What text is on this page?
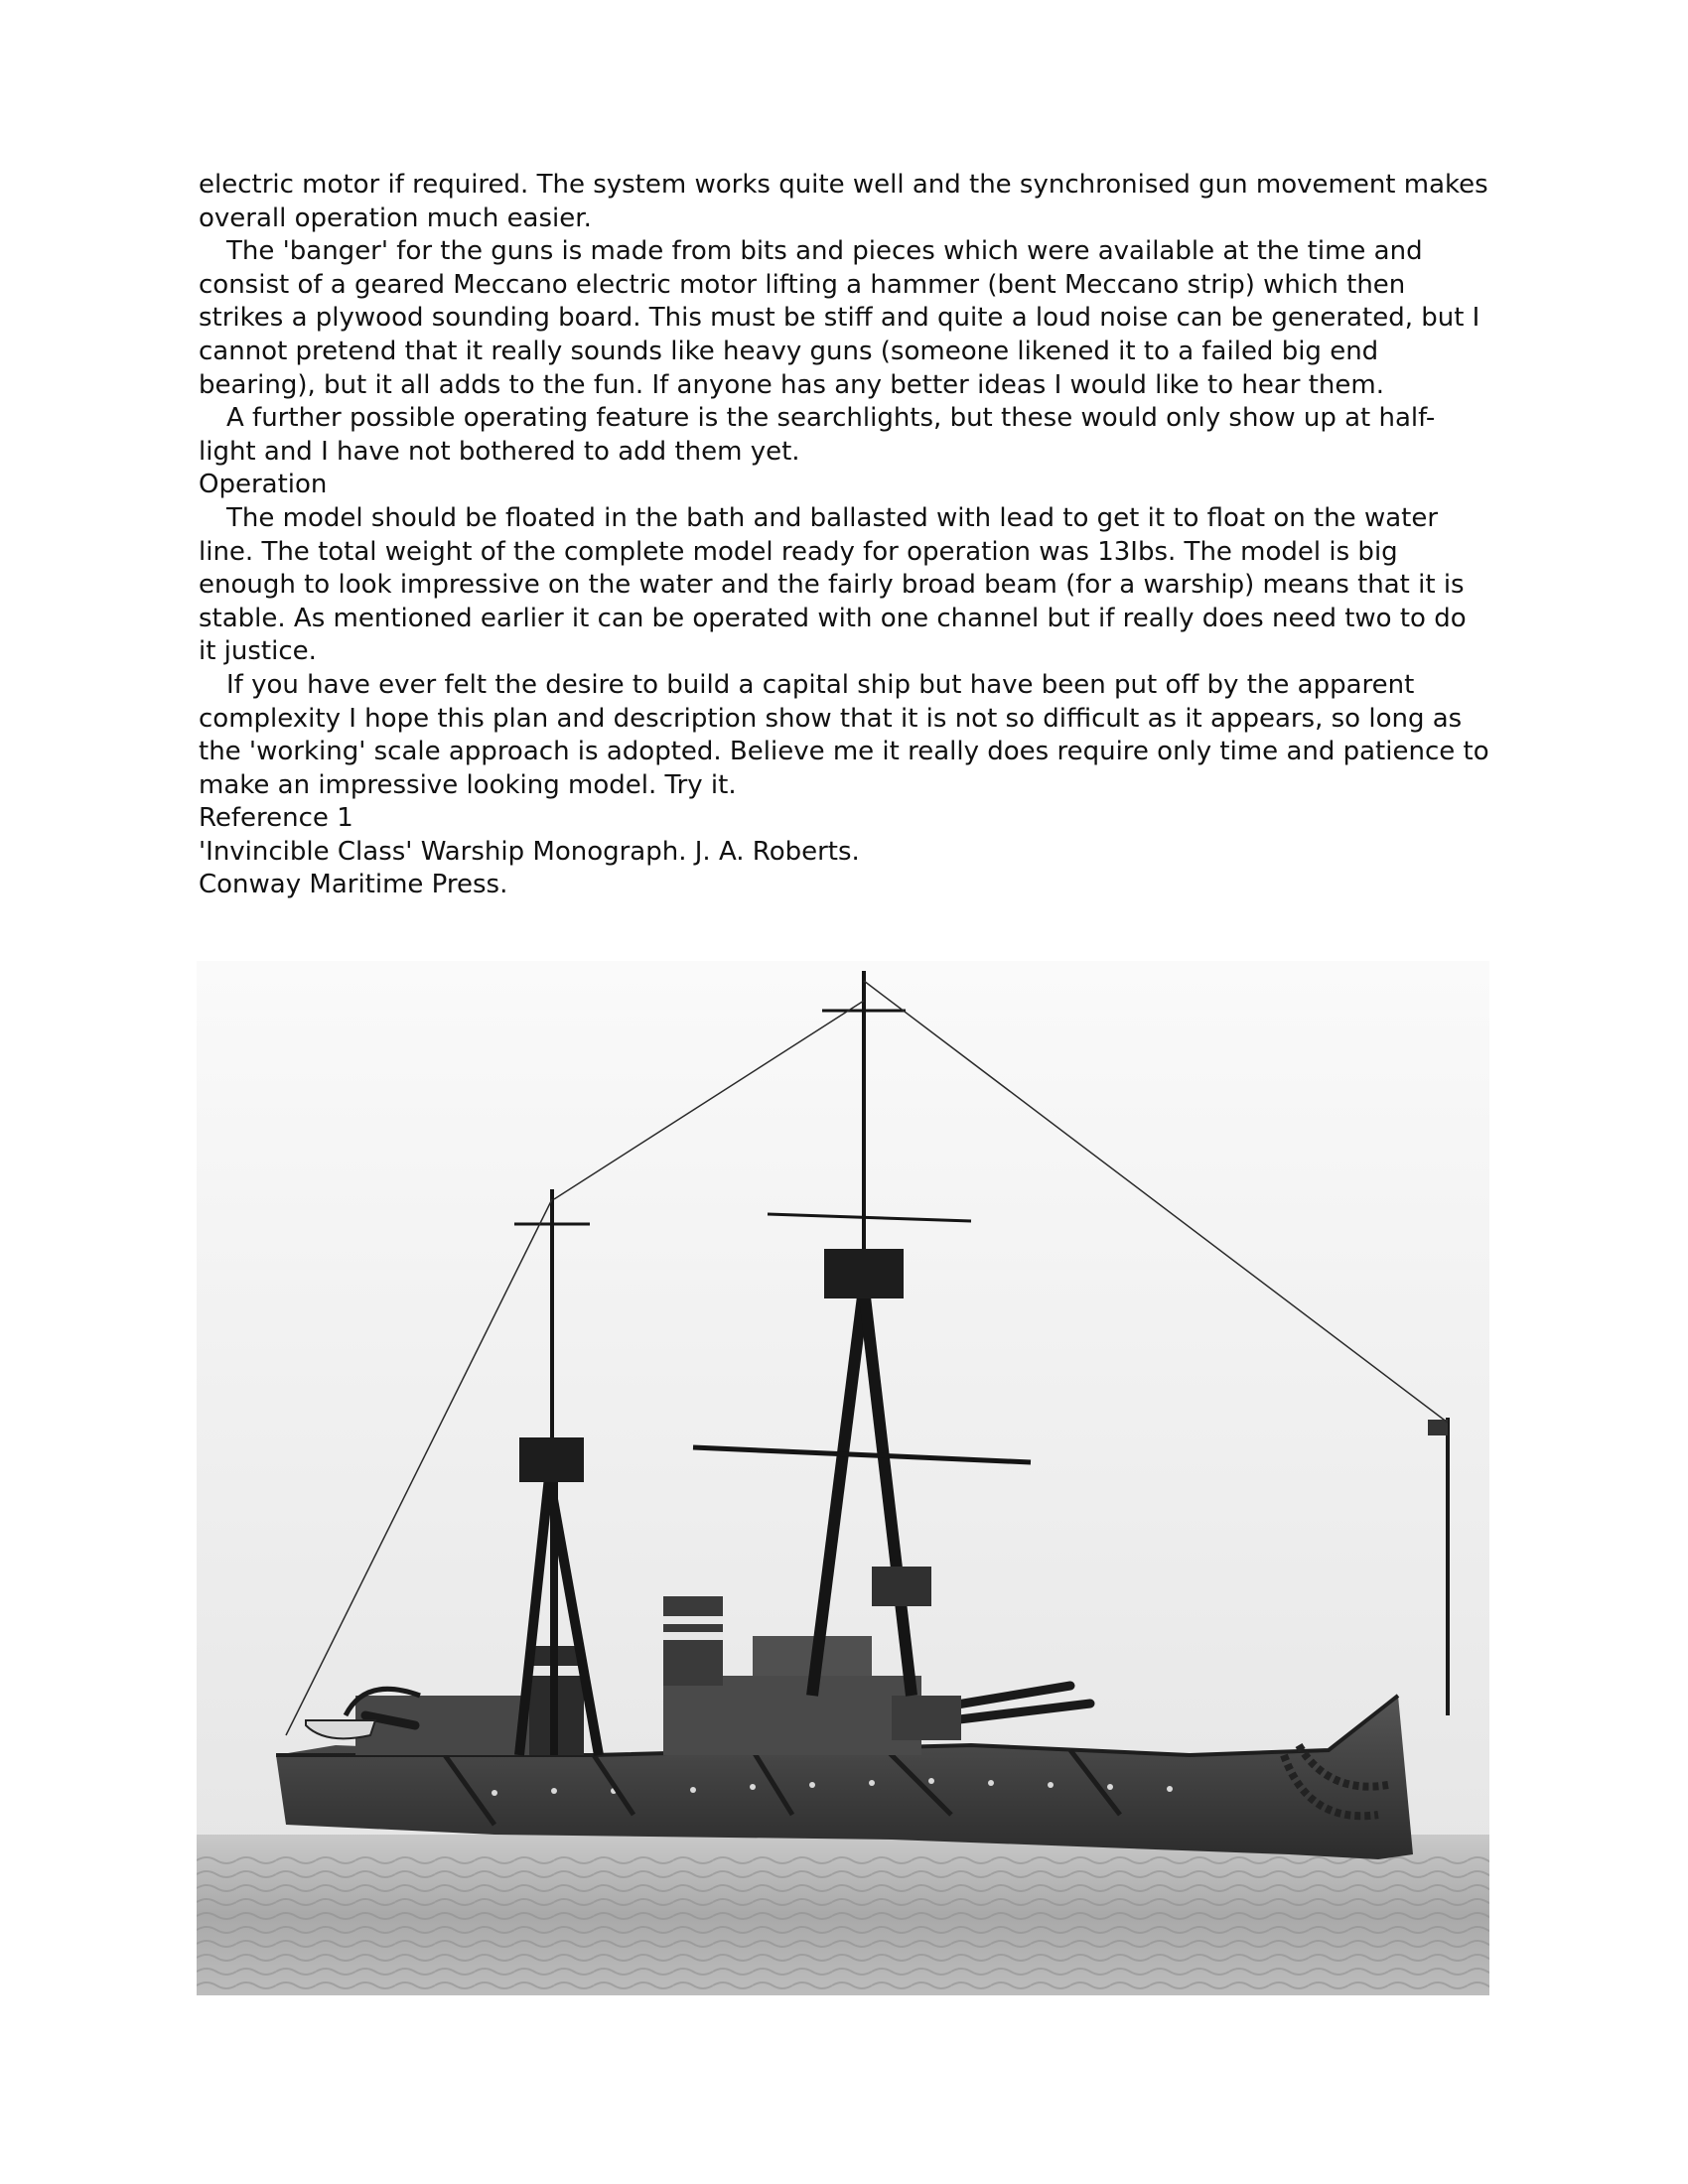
electric motor if required. The system works quite well and the synchronised gun movement makes overall operation much easier.

The 'banger' for the guns is made from bits and pieces which were available at the time and consist of a geared Meccano electric motor lifting a hammer (bent Meccano strip) which then strikes a plywood sounding board. This must be stiff and quite a loud noise can be generated, but I cannot pretend that it really sounds like heavy guns (someone likened it to a failed big end bearing), but it all adds to the fun. If anyone has any better ideas I would like to hear them.

A further possible operating feature is the searchlights, but these would only show up at half-light and I have not bothered to add them yet.

Operation

The model should be floated in the bath and ballasted with lead to get it to float on the water line. The total weight of the complete model ready for operation was 13Ibs. The model is big enough to look impressive on the water and the fairly broad beam (for a warship) means that it is stable. As mentioned earlier it can be operated with one channel but if really does need two to do it justice.

If you have ever felt the desire to build a capital ship but have been put off by the apparent complexity I hope this plan and description show that it is not so difficult as it appears, so long as the 'working' scale approach is adopted. Believe me it really does require only time and patience to make an impressive looking model. Try it.

Reference 1

'Invincible Class' Warship Monograph. J. A. Roberts.

Conway Maritime Press.
